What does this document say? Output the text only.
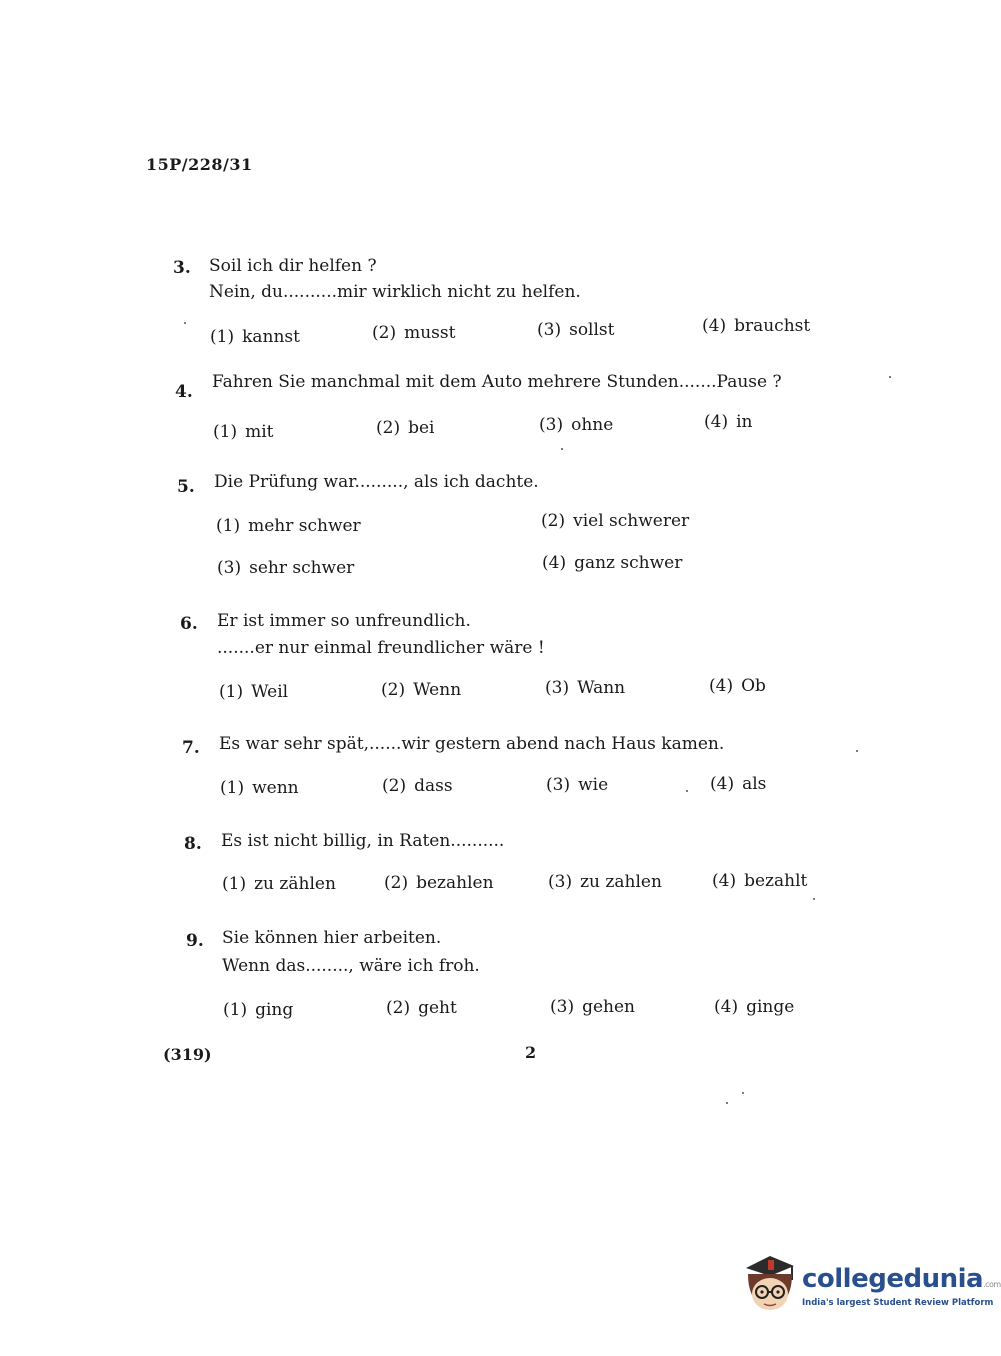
15P/228/31
3. Soil ich dir helfen ?
Nein, du..........mir wirklich nicht zu helfen.
(1) kannst	(2) musst	(3) sollst	(4) brauchst
4. Fahren Sie manchmal mit dem Auto mehrere Stunden.......Pause ?
(1) mit	(2) bei	(3) ohne	(4) in
5. Die Prüfung war........., als ich dachte.
(1) mehr schwer	(2) viel schwerer
(3) sehr schwer	(4) ganz schwer
6. Er ist immer so unfreundlich.
.......er nur einmal freundlicher wäre !
(1) Weil	(2) Wenn	(3) Wann	(4) Ob
7. Es war sehr spät,......wir gestern abend nach Haus kamen.
(1) wenn	(2) dass	(3) wie	(4) als
8. Es ist nicht billig, in Raten..........
(1) zu zählen	(2) bezahlen	(3) zu zahlen	(4) bezahlt
9. Sie können hier arbeiten.
Wenn das........, wäre ich froh.
(1) ging	(2) geht	(3) gehen	(4) ginge
(319)	2
collegedunia.com
India's largest Student Review Platform
